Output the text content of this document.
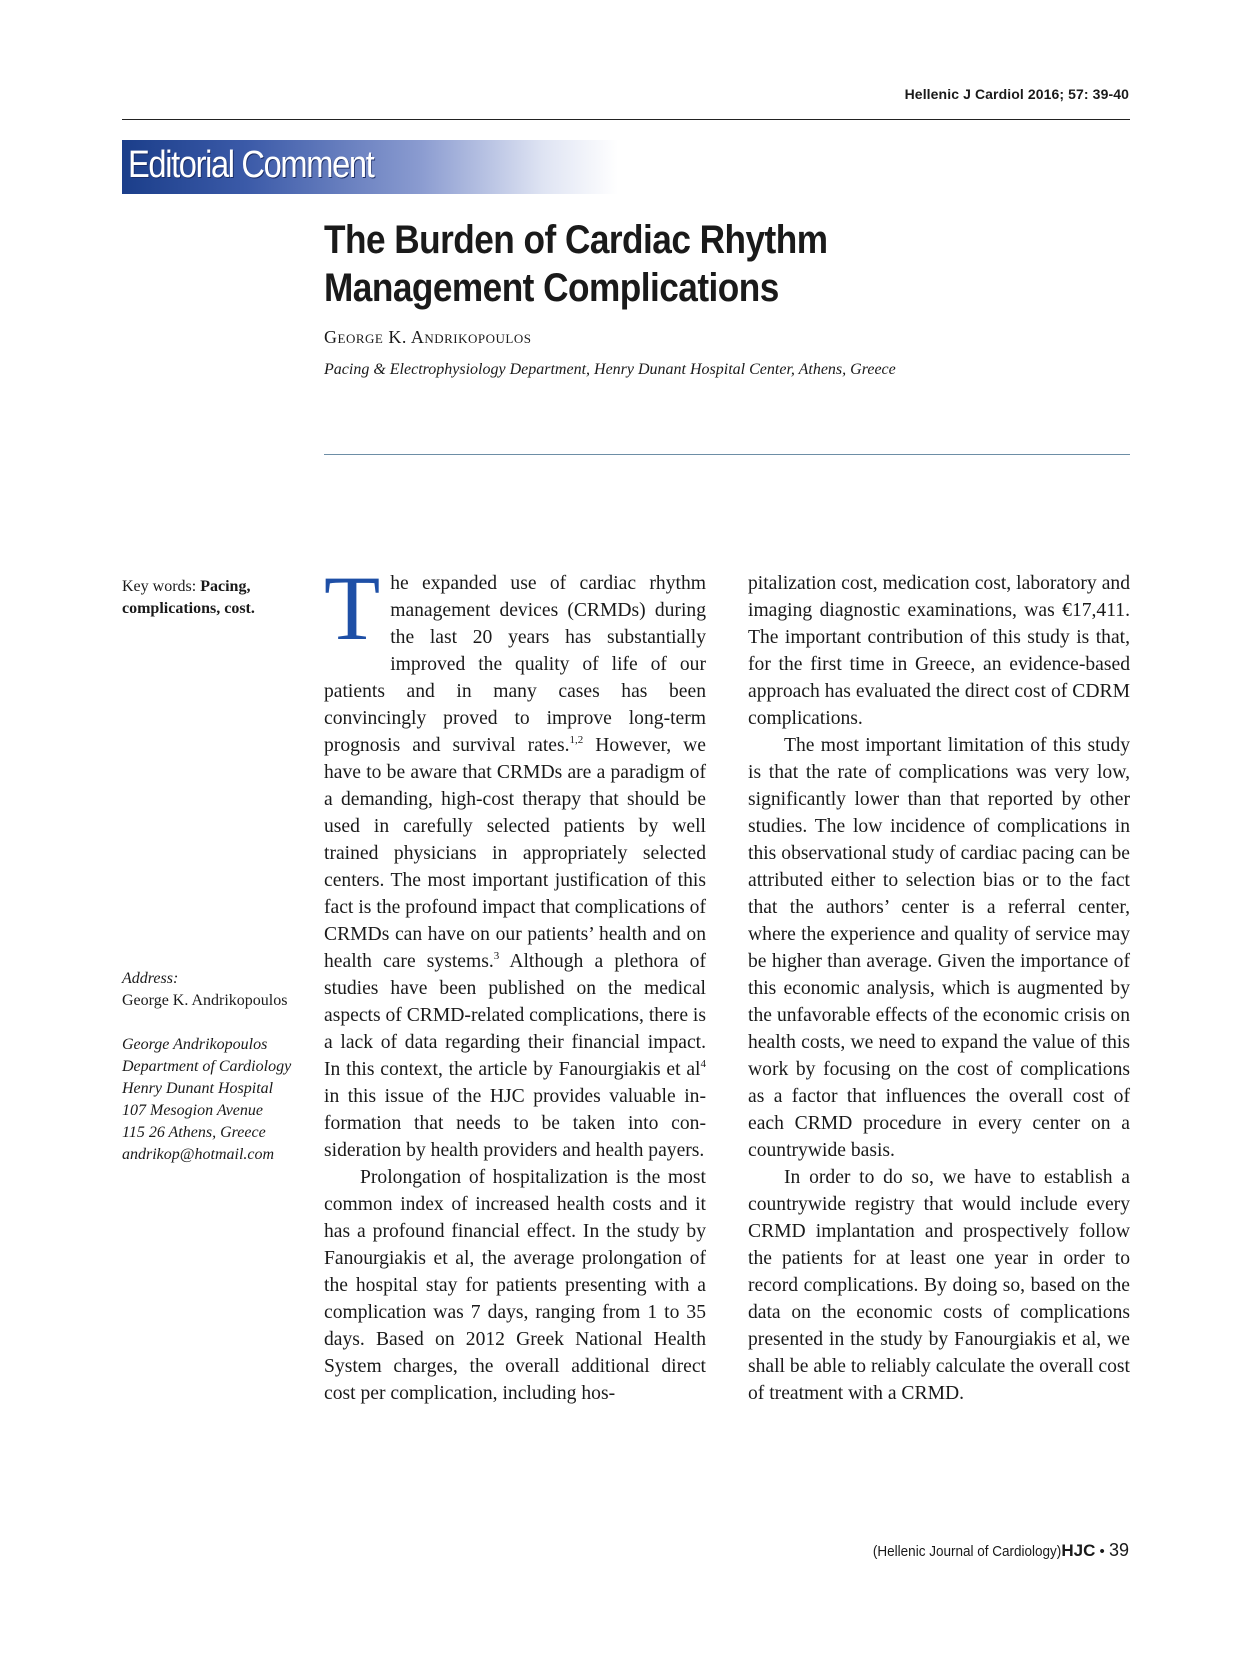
Hellenic J Cardiol 2016; 57: 39-40
Editorial Comment
The Burden of Cardiac Rhythm Management Complications
George K. Andrikopoulos
Pacing & Electrophysiology Department, Henry Dunant Hospital Center, Athens, Greece
Key words: Pacing, complications, cost.
Address:
George K. Andrikopoulos
George Andrikopoulos
Department of Cardiology
Henry Dunant Hospital
107 Mesogion Avenue
115 26 Athens, Greece
andrikop@hotmail.com

The expanded use of cardiac rhythm management devices (CRMDs) during the last 20 years has substantially improved the quality of life of our patients and in many cases has been convincingly proved to improve long-term prognosis and survival rates.$^{1,2}$ However, we have to be aware that CRMDs are a paradigm of a demanding, high-cost therapy that should be used in carefully selected patients by well trained physicians in appropriately selected centers. The most important justification of this fact is the profound impact that complications of CRMDs can have on our patients’ health and on health care systems.$^3$ Although a plethora of studies have been published on the medical aspects of CRMD-related complications, there is a lack of data regarding their financial impact. In this context, the article by Fanourgiakis et $al^4$ in this issue of the HJC provides valuable information that needs to be taken into consideration by health providers and health payers.

Prolongation of hospitalization is the most common index of increased health costs and it has a profound financial effect. In the study by Fanourgiakis et al, the average prolongation of the hospital stay for patients presenting with a complication was 7 days, ranging from 1 to 35 days. Based on 2012 Greek National Health System charges, the overall additional direct cost per complication, including hos-

pitalization cost, medication cost, laboratory and imaging diagnostic examinations, was €17,411. The important contribution of this study is that, for the first time in Greece, an evidence-based approach has evaluated the direct cost of CDRM complications.

The most important limitation of this study is that the rate of complications was very low, significantly lower than that reported by other studies. The low incidence of complications in this observational study of cardiac pacing can be attributed either to selection bias or to the fact that the authors’ center is a referral center, where the experience and quality of service may be higher than average. Given the importance of this economic analysis, which is augmented by the unfavorable effects of the economic crisis on health costs, we need to expand the value of this work by focusing on the cost of complications as a factor that influences the overall cost of each CRMD procedure in every center on a countrywide basis.

In order to do so, we have to establish a countrywide registry that would include every CRMD implantation and prospectively follow the patients for at least one year in order to record complications. By doing so, based on the data on the economic costs of complications presented in the study by Fanourgiakis et al, we shall be able to reliably calculate the overall cost of treatment with a CRMD.

(Hellenic Journal of Cardiology)HJC • 39
